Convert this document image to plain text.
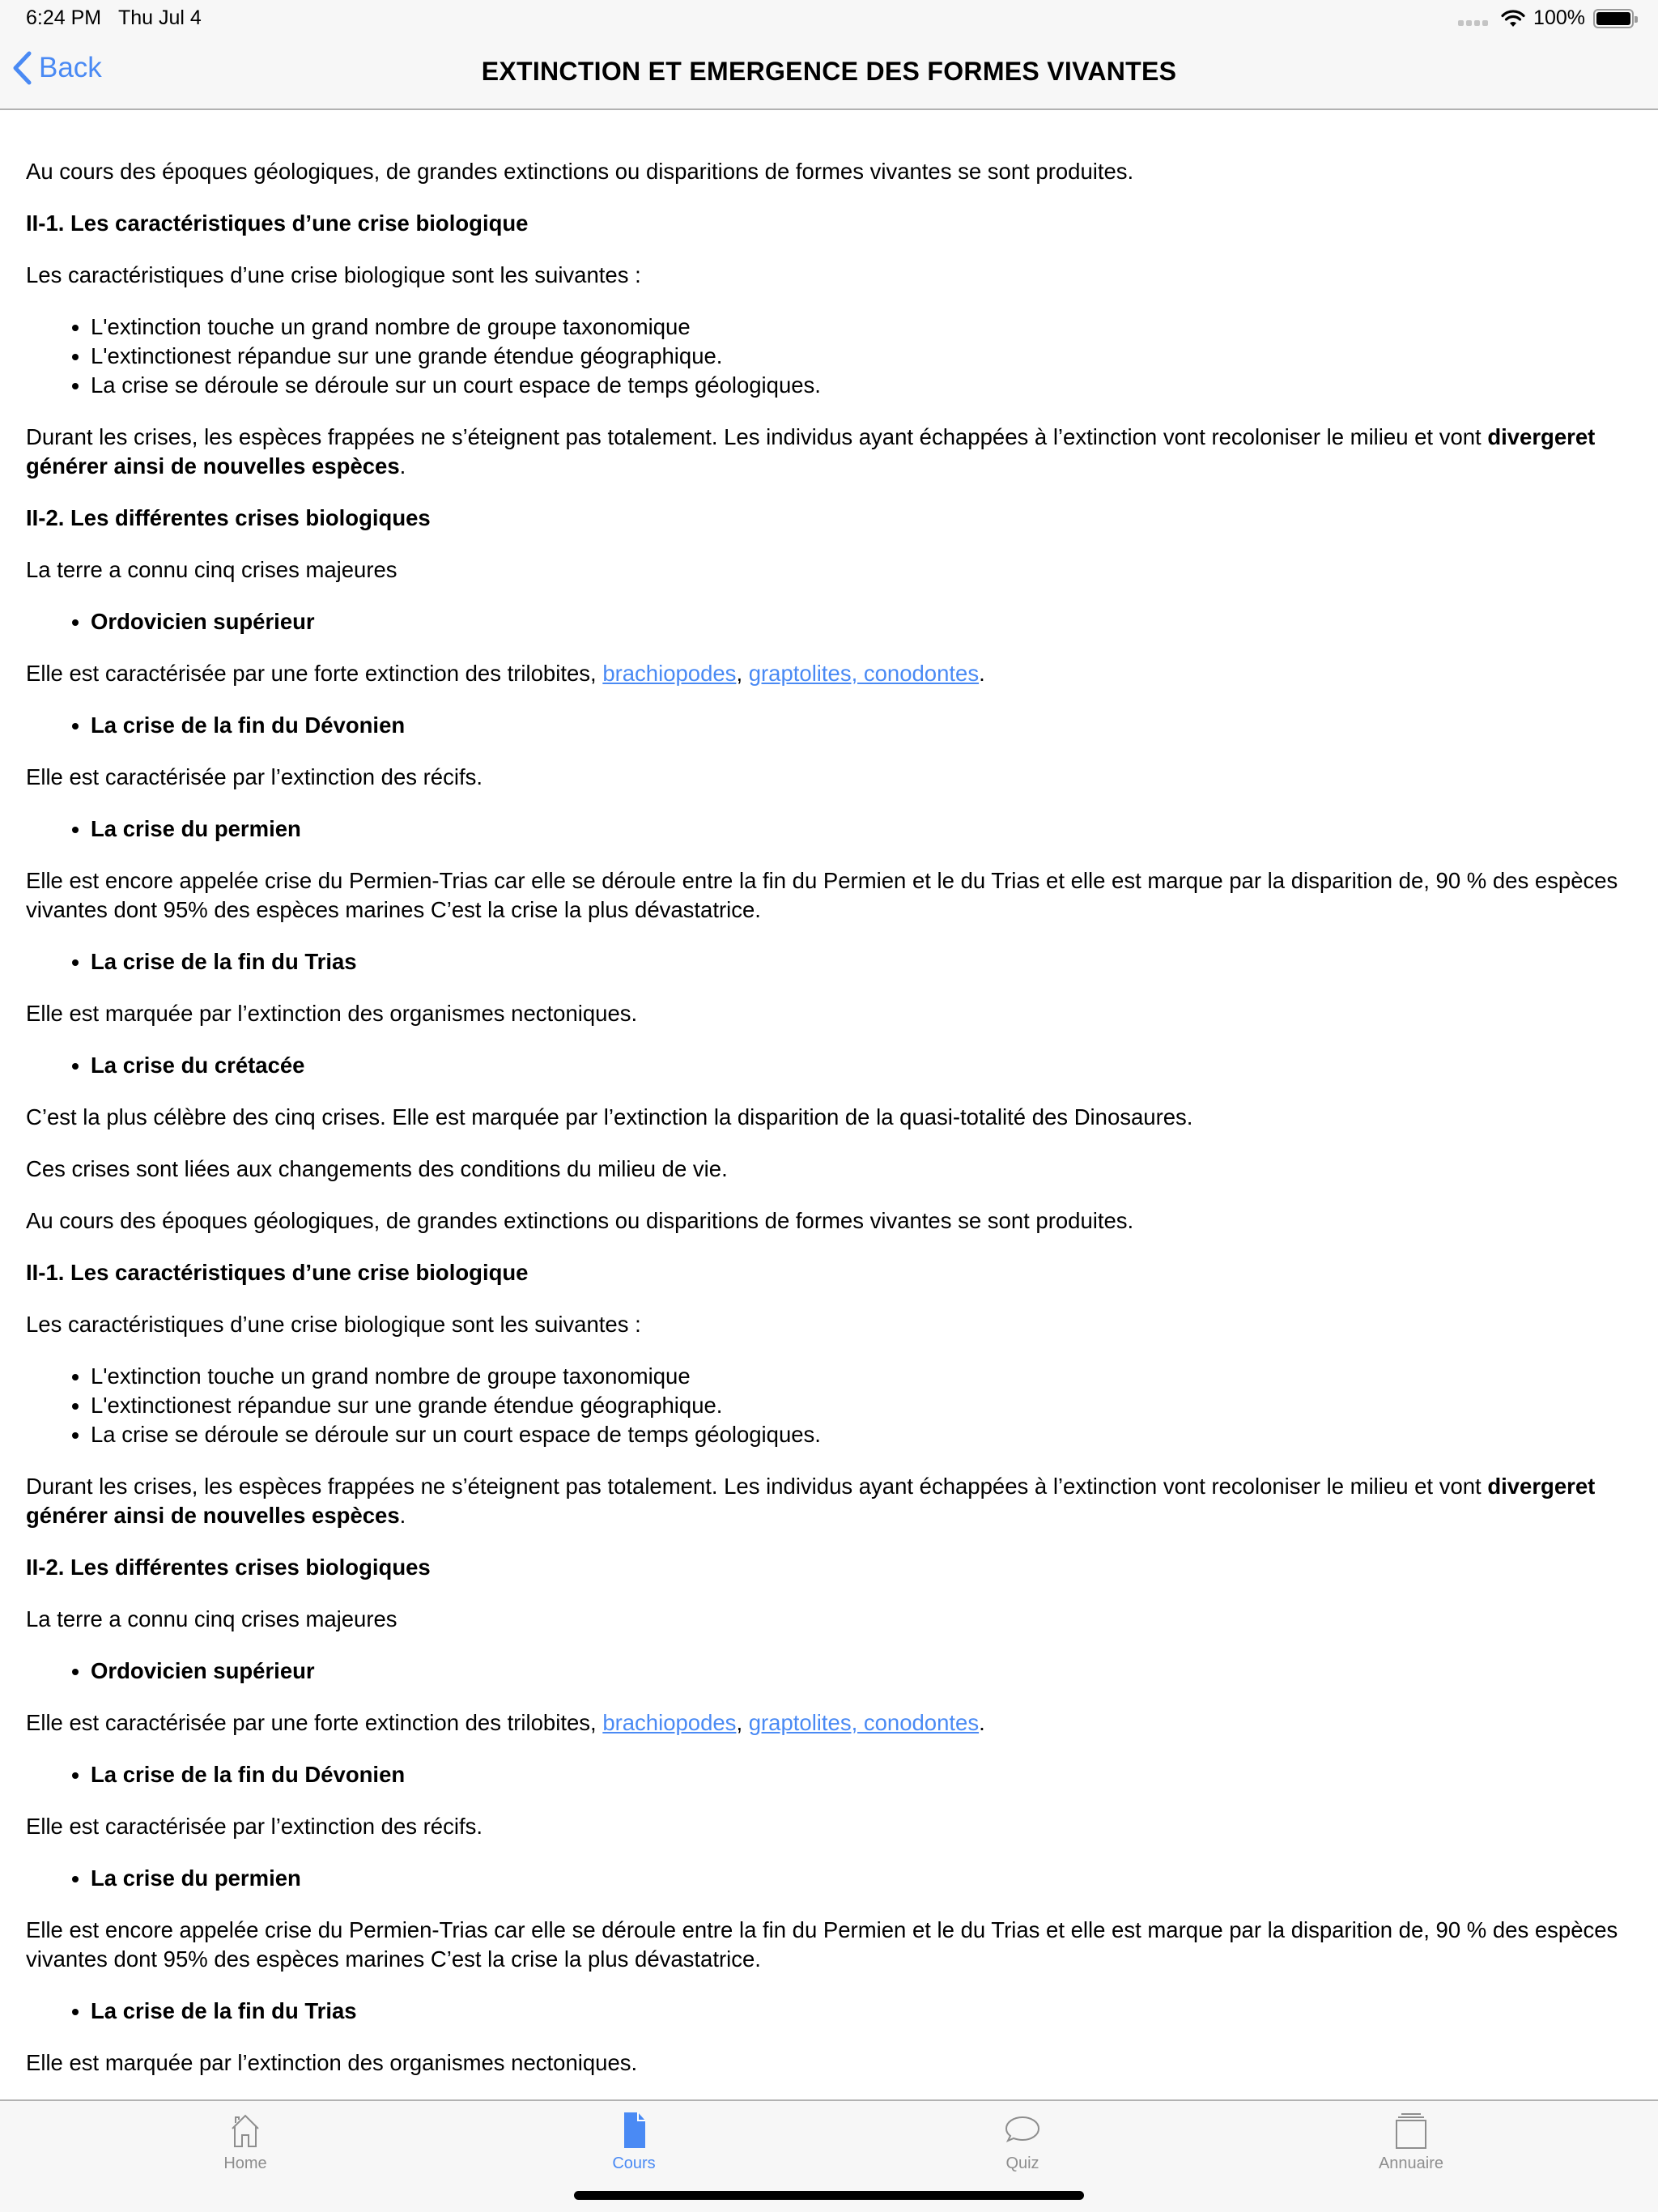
6:24 PM Thu Jul 4	100%
Back	EXTINCTION ET EMERGENCE DES FORMES VIVANTES

Au cours des époques géologiques, de grandes extinctions ou disparitions de formes vivantes se sont produites.

II-1. Les caractéristiques d’une crise biologique

Les caractéristiques d’une crise biologique sont les suivantes :

• L'extinction touche un grand nombre de groupe taxonomique
• L'extinctionest répandue sur une grande étendue géographique.
• La crise se déroule se déroule sur un court espace de temps géologiques.

Durant les crises, les espèces frappées ne s’éteignent pas totalement. Les individus ayant échappées à l’extinction vont recoloniser le milieu et vont divergeret générer ainsi de nouvelles espèces.

II-2. Les différentes crises biologiques

La terre a connu cinq crises majeures

• Ordovicien supérieur

Elle est caractérisée par une forte extinction des trilobites, brachiopodes, graptolites, conodontes.

• La crise de la fin du Dévonien

Elle est caractérisée par l’extinction des récifs.

• La crise du permien

Elle est encore appelée crise du Permien-Trias car elle se déroule entre la fin du Permien et le du Trias et elle est marque par la disparition de, 90 % des espèces vivantes dont 95% des espèces marines C’est la crise la plus dévastatrice.

• La crise de la fin du Trias

Elle est marquée par l’extinction des organismes nectoniques.

• La crise du crétacée

C’est la plus célèbre des cinq crises. Elle est marquée par l’extinction la disparition de la quasi-totalité des Dinosaures.

Ces crises sont liées aux changements des conditions du milieu de vie.

Au cours des époques géologiques, de grandes extinctions ou disparitions de formes vivantes se sont produites.

II-1. Les caractéristiques d’une crise biologique

Les caractéristiques d’une crise biologique sont les suivantes :

• L'extinction touche un grand nombre de groupe taxonomique
• L'extinctionest répandue sur une grande étendue géographique.
• La crise se déroule se déroule sur un court espace de temps géologiques.

Durant les crises, les espèces frappées ne s’éteignent pas totalement. Les individus ayant échappées à l’extinction vont recoloniser le milieu et vont divergeret générer ainsi de nouvelles espèces.

II-2. Les différentes crises biologiques

La terre a connu cinq crises majeures

• Ordovicien supérieur

Elle est caractérisée par une forte extinction des trilobites, brachiopodes, graptolites, conodontes.

• La crise de la fin du Dévonien

Elle est caractérisée par l’extinction des récifs.

• La crise du permien

Elle est encore appelée crise du Permien-Trias car elle se déroule entre la fin du Permien et le du Trias et elle est marque par la disparition de, 90 % des espèces vivantes dont 95% des espèces marines C’est la crise la plus dévastatrice.

• La crise de la fin du Trias

Elle est marquée par l’extinction des organismes nectoniques.

Home	Cours	Quiz	Annuaire
